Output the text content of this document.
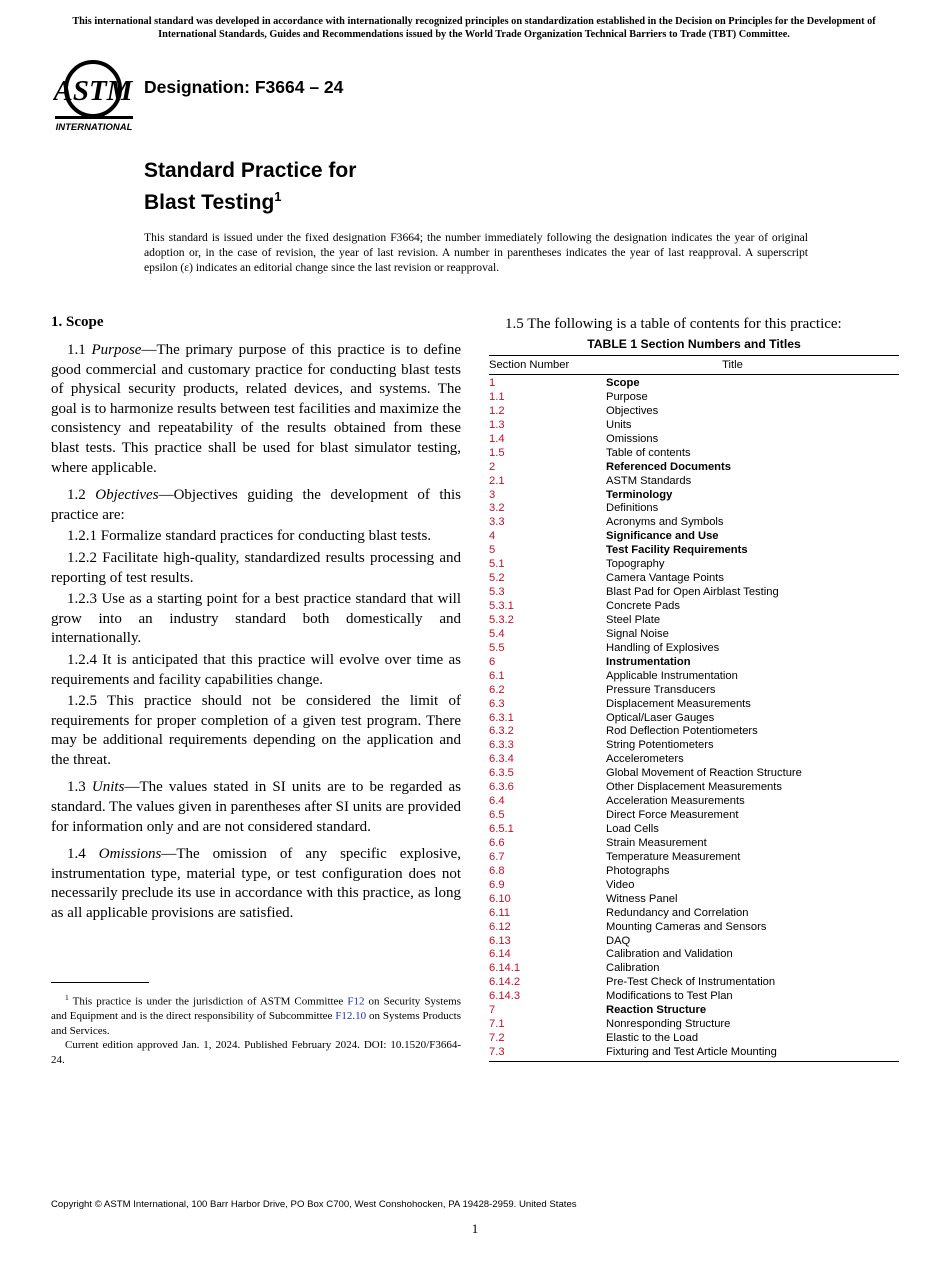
This international standard was developed in accordance with internationally recognized principles on standardization established in the Decision on Principles for the Development of International Standards, Guides and Recommendations issued by the World Trade Organization Technical Barriers to Trade (TBT) Committee.
ASTM
INTERNATIONAL
Designation: F3664 – 24
Standard Practice for
Blast Testing$^1$
This standard is issued under the fixed designation F3664; the number immediately following the designation indicates the year of original adoption or, in the case of revision, the year of last revision. A number in parentheses indicates the year of last reapproval. A superscript epsilon (ε) indicates an editorial change since the last revision or reapproval.
1. Scope

1.1 Purpose—The primary purpose of this practice is to define good commercial and customary practice for conducting blast tests of physical security products, related devices, and systems. The goal is to harmonize results between test facilities and maximize the consistency and repeatability of the results obtained from these blast tests. This practice shall be used for blast simulator testing, where applicable.

1.2 Objectives—Objectives guiding the development of this practice are:

1.2.1 Formalize standard practices for conducting blast tests.

1.2.2 Facilitate high-quality, standardized results processing and reporting of test results.

1.2.3 Use as a starting point for a best practice standard that will grow into an industry standard both domestically and internationally.

1.2.4 It is anticipated that this practice will evolve over time as requirements and facility capabilities change.

1.2.5 This practice should not be considered the limit of requirements for proper completion of a given test program. There may be additional requirements depending on the application and the threat.

1.3 Units—The values stated in SI units are to be regarded as standard. The values given in parentheses after SI units are provided for information only and are not considered standard.

1.4 Omissions—The omission of any specific explosive, instrumentation type, material type, or test configuration does not necessarily preclude its use in accordance with this practice, as long as all applicable provisions are satisfied.

$^1$ This practice is under the jurisdiction of ASTM Committee F12 on Security Systems and Equipment and is the direct responsibility of Subcommittee F12.10 on Systems Products and Services.

Current edition approved Jan. 1, 2024. Published February 2024. DOI: 10.1520/F3664-24.

1.5 The following is a table of contents for this practice:
TABLE 1 Section Numbers and Titles
Section Number	Title
1	Scope
1.1	Purpose
1.2	Objectives
1.3	Units
1.4	Omissions
1.5	Table of contents
2	Referenced Documents
2.1	ASTM Standards
3	Terminology
3.2	Definitions
3.3	Acronyms and Symbols
4	Significance and Use
5	Test Facility Requirements
5.1	Topography
5.2	Camera Vantage Points
5.3	Blast Pad for Open Airblast Testing
5.3.1	Concrete Pads
5.3.2	Steel Plate
5.4	Signal Noise
5.5	Handling of Explosives
6	Instrumentation
6.1	Applicable Instrumentation
6.2	Pressure Transducers
6.3	Displacement Measurements
6.3.1	Optical/Laser Gauges
6.3.2	Rod Deflection Potentiometers
6.3.3	String Potentiometers
6.3.4	Accelerometers
6.3.5	Global Movement of Reaction Structure
6.3.6	Other Displacement Measurements
6.4	Acceleration Measurements
6.5	Direct Force Measurement
6.5.1	Load Cells
6.6	Strain Measurement
6.7	Temperature Measurement
6.8	Photographs
6.9	Video
6.10	Witness Panel
6.11	Redundancy and Correlation
6.12	Mounting Cameras and Sensors
6.13	DAQ
6.14	Calibration and Validation
6.14.1	Calibration
6.14.2	Pre-Test Check of Instrumentation
6.14.3	Modifications to Test Plan
7	Reaction Structure
7.1	Nonresponding Structure
7.2	Elastic to the Load
7.3	Fixturing and Test Article Mounting
Copyright © ASTM International, 100 Barr Harbor Drive, PO Box C700, West Conshohocken, PA 19428-2959. United States
1
